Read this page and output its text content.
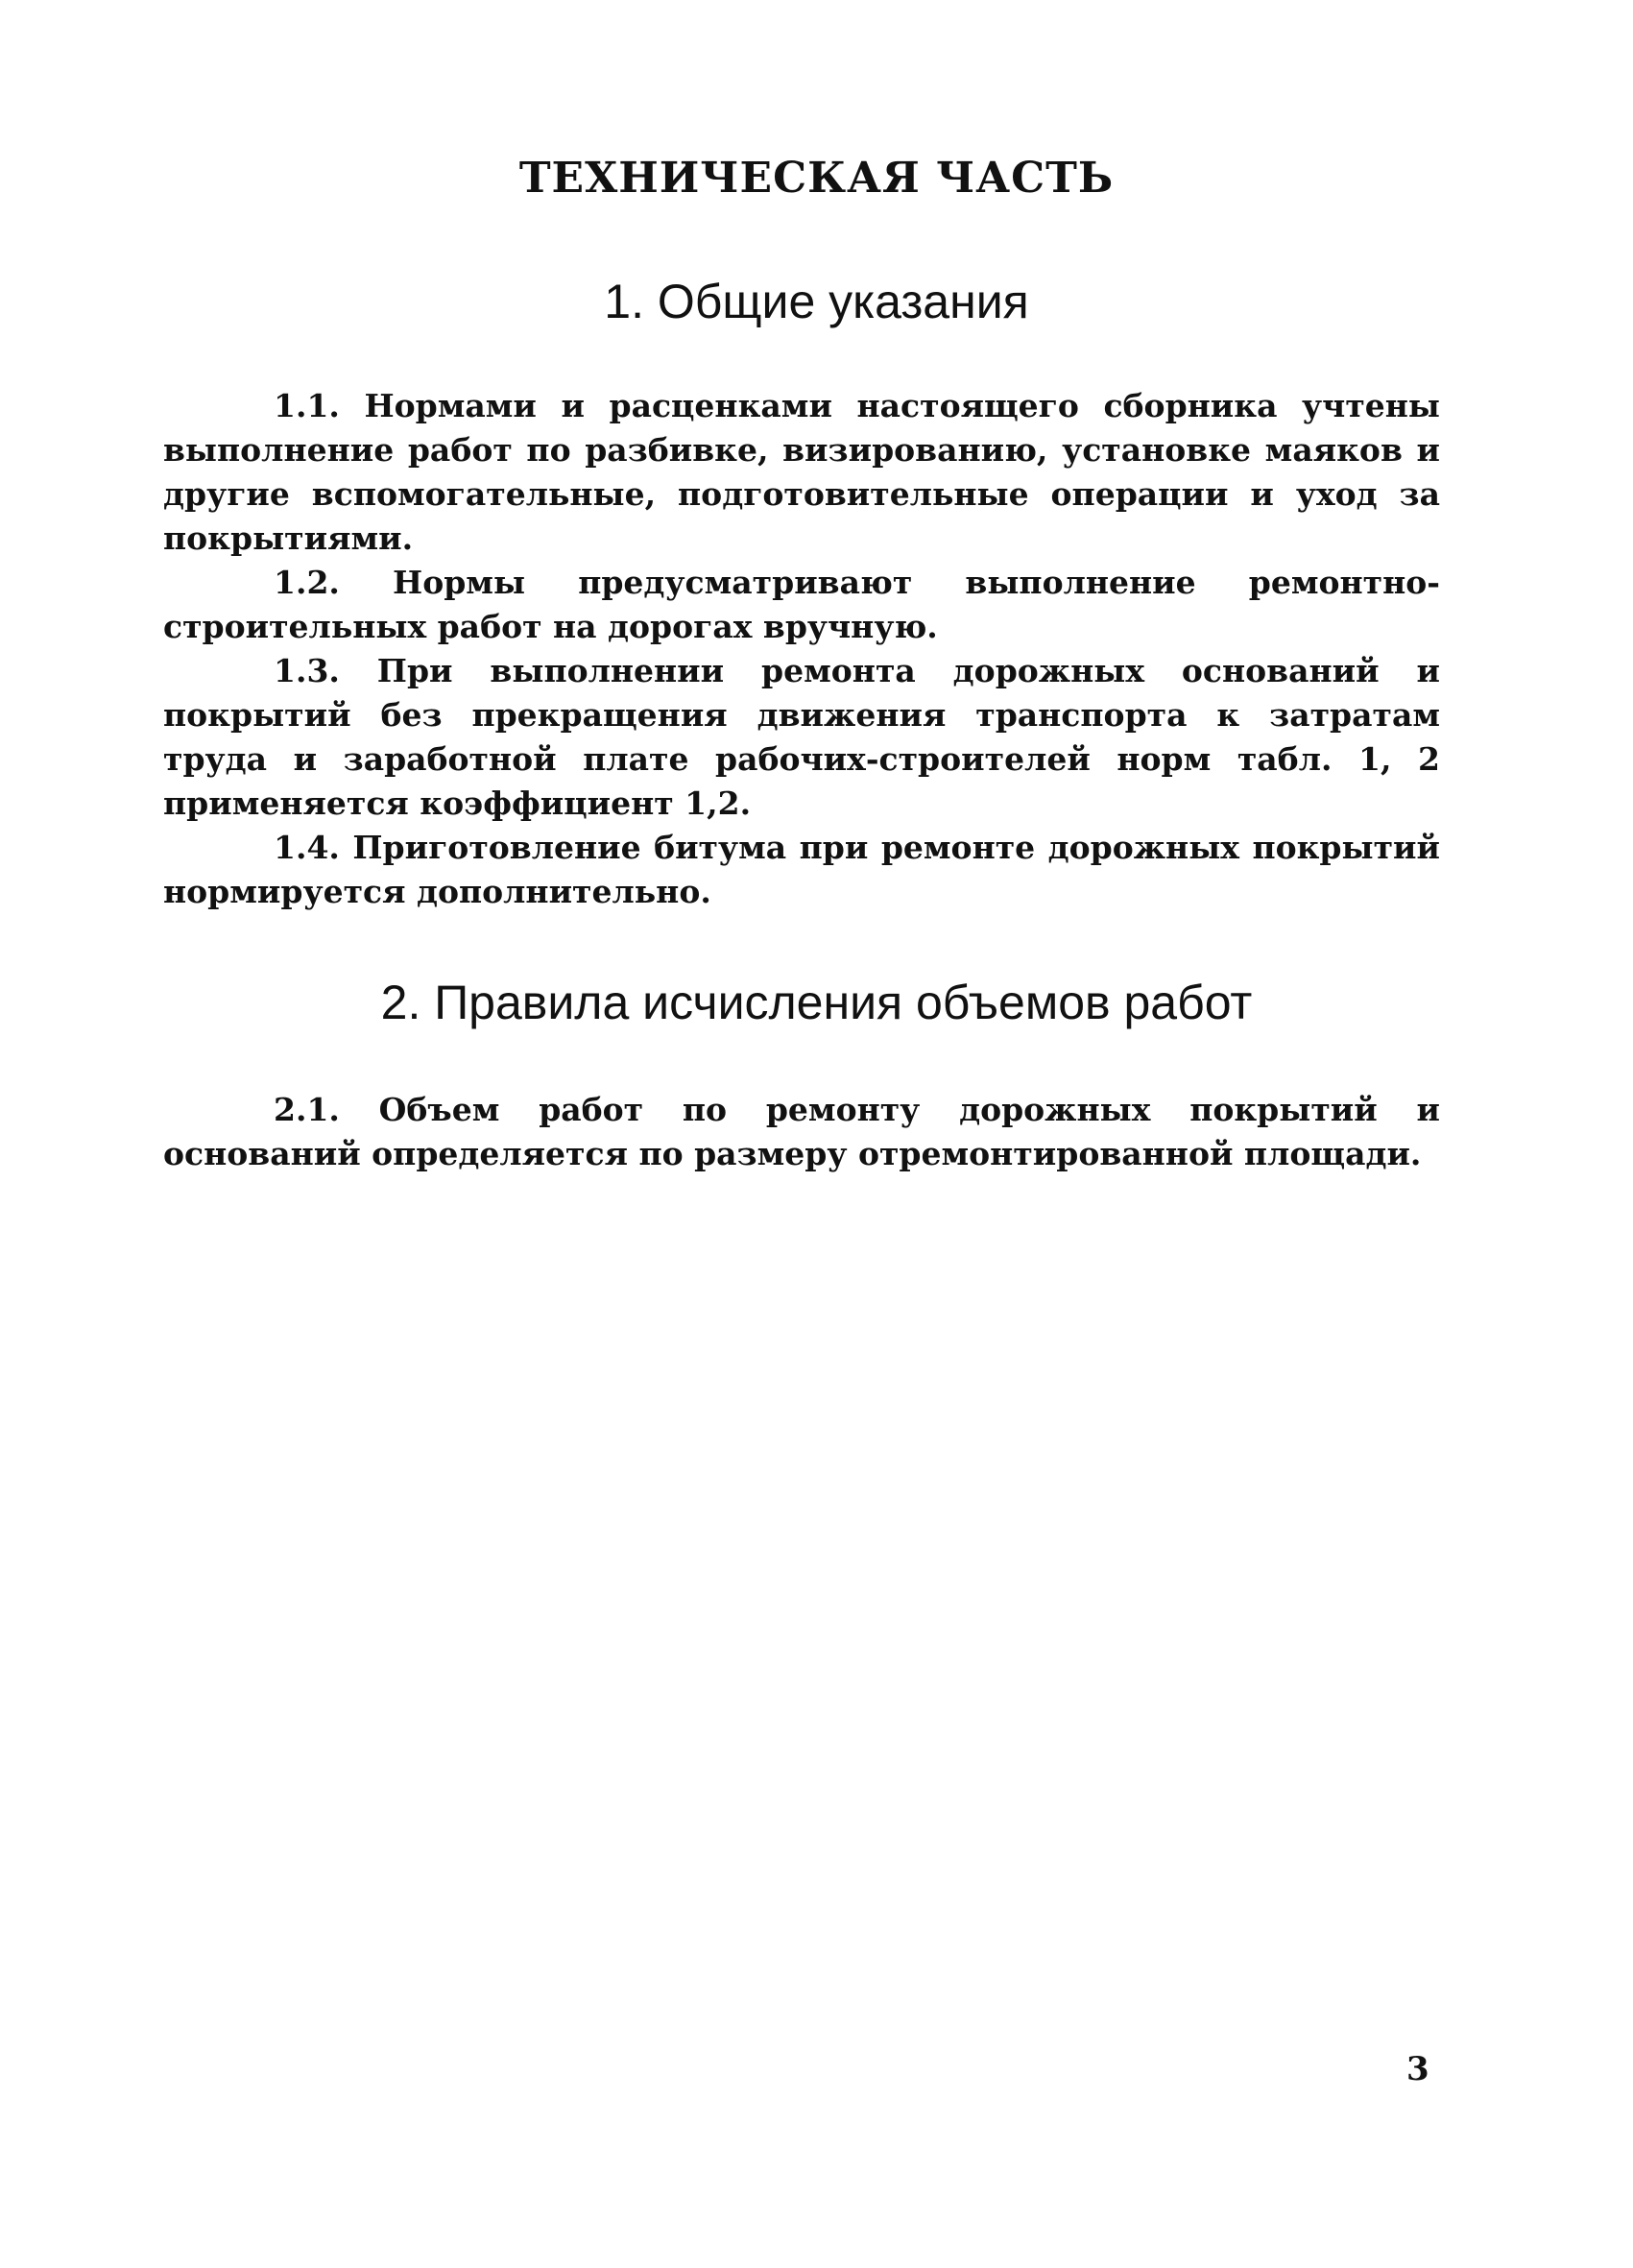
ТЕХНИЧЕСКАЯ ЧАСТЬ
1. Общие указания

1.1. Нормами и расценками настоящего сборника учтены выполнение работ по разбивке, визированию, установке маяков и другие вспомогательные, подготовительные операции и уход за покрытиями.

1.2. Нормы предусматривают выполнение ремонтно-строительных работ на дорогах вручную.

1.3. При выполнении ремонта дорожных оснований и покрытий без прекращения движения транспорта к затратам труда и заработной плате рабочих-строителей норм табл. 1, 2 применяется коэффициент 1,2.

1.4. Приготовление битума при ремонте дорожных покрытий нормируется дополнительно.

2. Правила исчисления объемов работ

2.1. Объем работ по ремонту дорожных покрытий и оснований определяется по размеру отремонтированной площади.

3
